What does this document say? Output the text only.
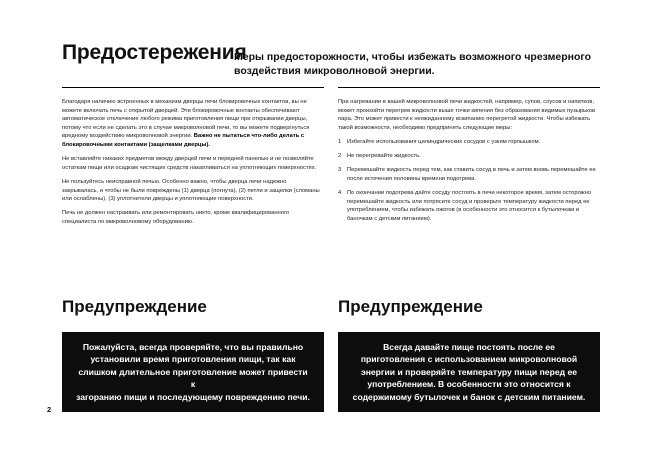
Предостережения

Меры предосторожности, чтобы избежать возможного чрезмерного воздействия микроволновой энергии.

Благодаря наличию встроенных в механизм дверцы печи блокировочных контактов, вы не можете включать печь с открытой дверцей. Эти блокировочные контакты обеспечивают автоматическое отключение любого режима приготовления пищи при открывании дверцы, потому что если не сделать это в случае микроволновой печи, то вы можете подвергнуться вредному воздействию микроволновой энергии. Важно не пытаться что-либо делать с блокировочными контактами (защелками дверцы).

Не вставляйте никаких предметов между дверцей печи и передней панелью и не позволяйте остаткам пищи или осадкам чистящих средств накапливаться на уплотняющих поверхностях.

Не пользуйтесь неисправной печью. Особенно важно, чтобы дверца печи надежно закрывалась, и чтобы не были повреждены (1) дверца (погнута), (2) петли и защелки (сломаны или ослаблены), (3) уплотнители дверцы и уплотняющие поверхности.

Печь не должен настраивать или ремонтировать никто, кроме квалифицированного специалиста по микроволновому оборудованию.

При нагревании в вашей микроволновой печи жидкостей, например, супов, соусов и напитков, может произойти перегрев жидкости выше точки кипения без образования видимых пузырьков пара. Это может привести к неожиданному вскипанию перегретой жидкости. Чтобы избежать такой возможности, необходимо предпринять следующие меры:

1 Избегайте использования цилиндрических сосудов с узким горлышком.
2 Не перегревайте жидкость.
3 Перемешайте жидкость перед тем, как ставить сосуд в печь и затем вновь перемешайте ее после истечения половины времени подогрева.
4 По окончании подогрева дайте сосуду постоять в печи некоторое время, затем осторожно перемешайте жидкость или потрясите сосуд и проверьте температуру жидкости перед ее употреблением, чтобы избежать ожогов (в особенности это относится к бутылочкам и баночкам с детским питанием).
Предупреждение	Предупреждение
Пожалуйста, всегда проверяйте, что вы правильно
установили время приготовления пищи, так как
слишком длительное приготовление может привести к
загоранию пищи и последующему повреждению печи.
Всегда давайте пище постоять после ее
приготовления с использованием микроволновой
энергии и проверяйте температуру пищи перед ее
употреблением. В особенности это относится к
содержимому бутылочек и банок с детским питанием.
2
